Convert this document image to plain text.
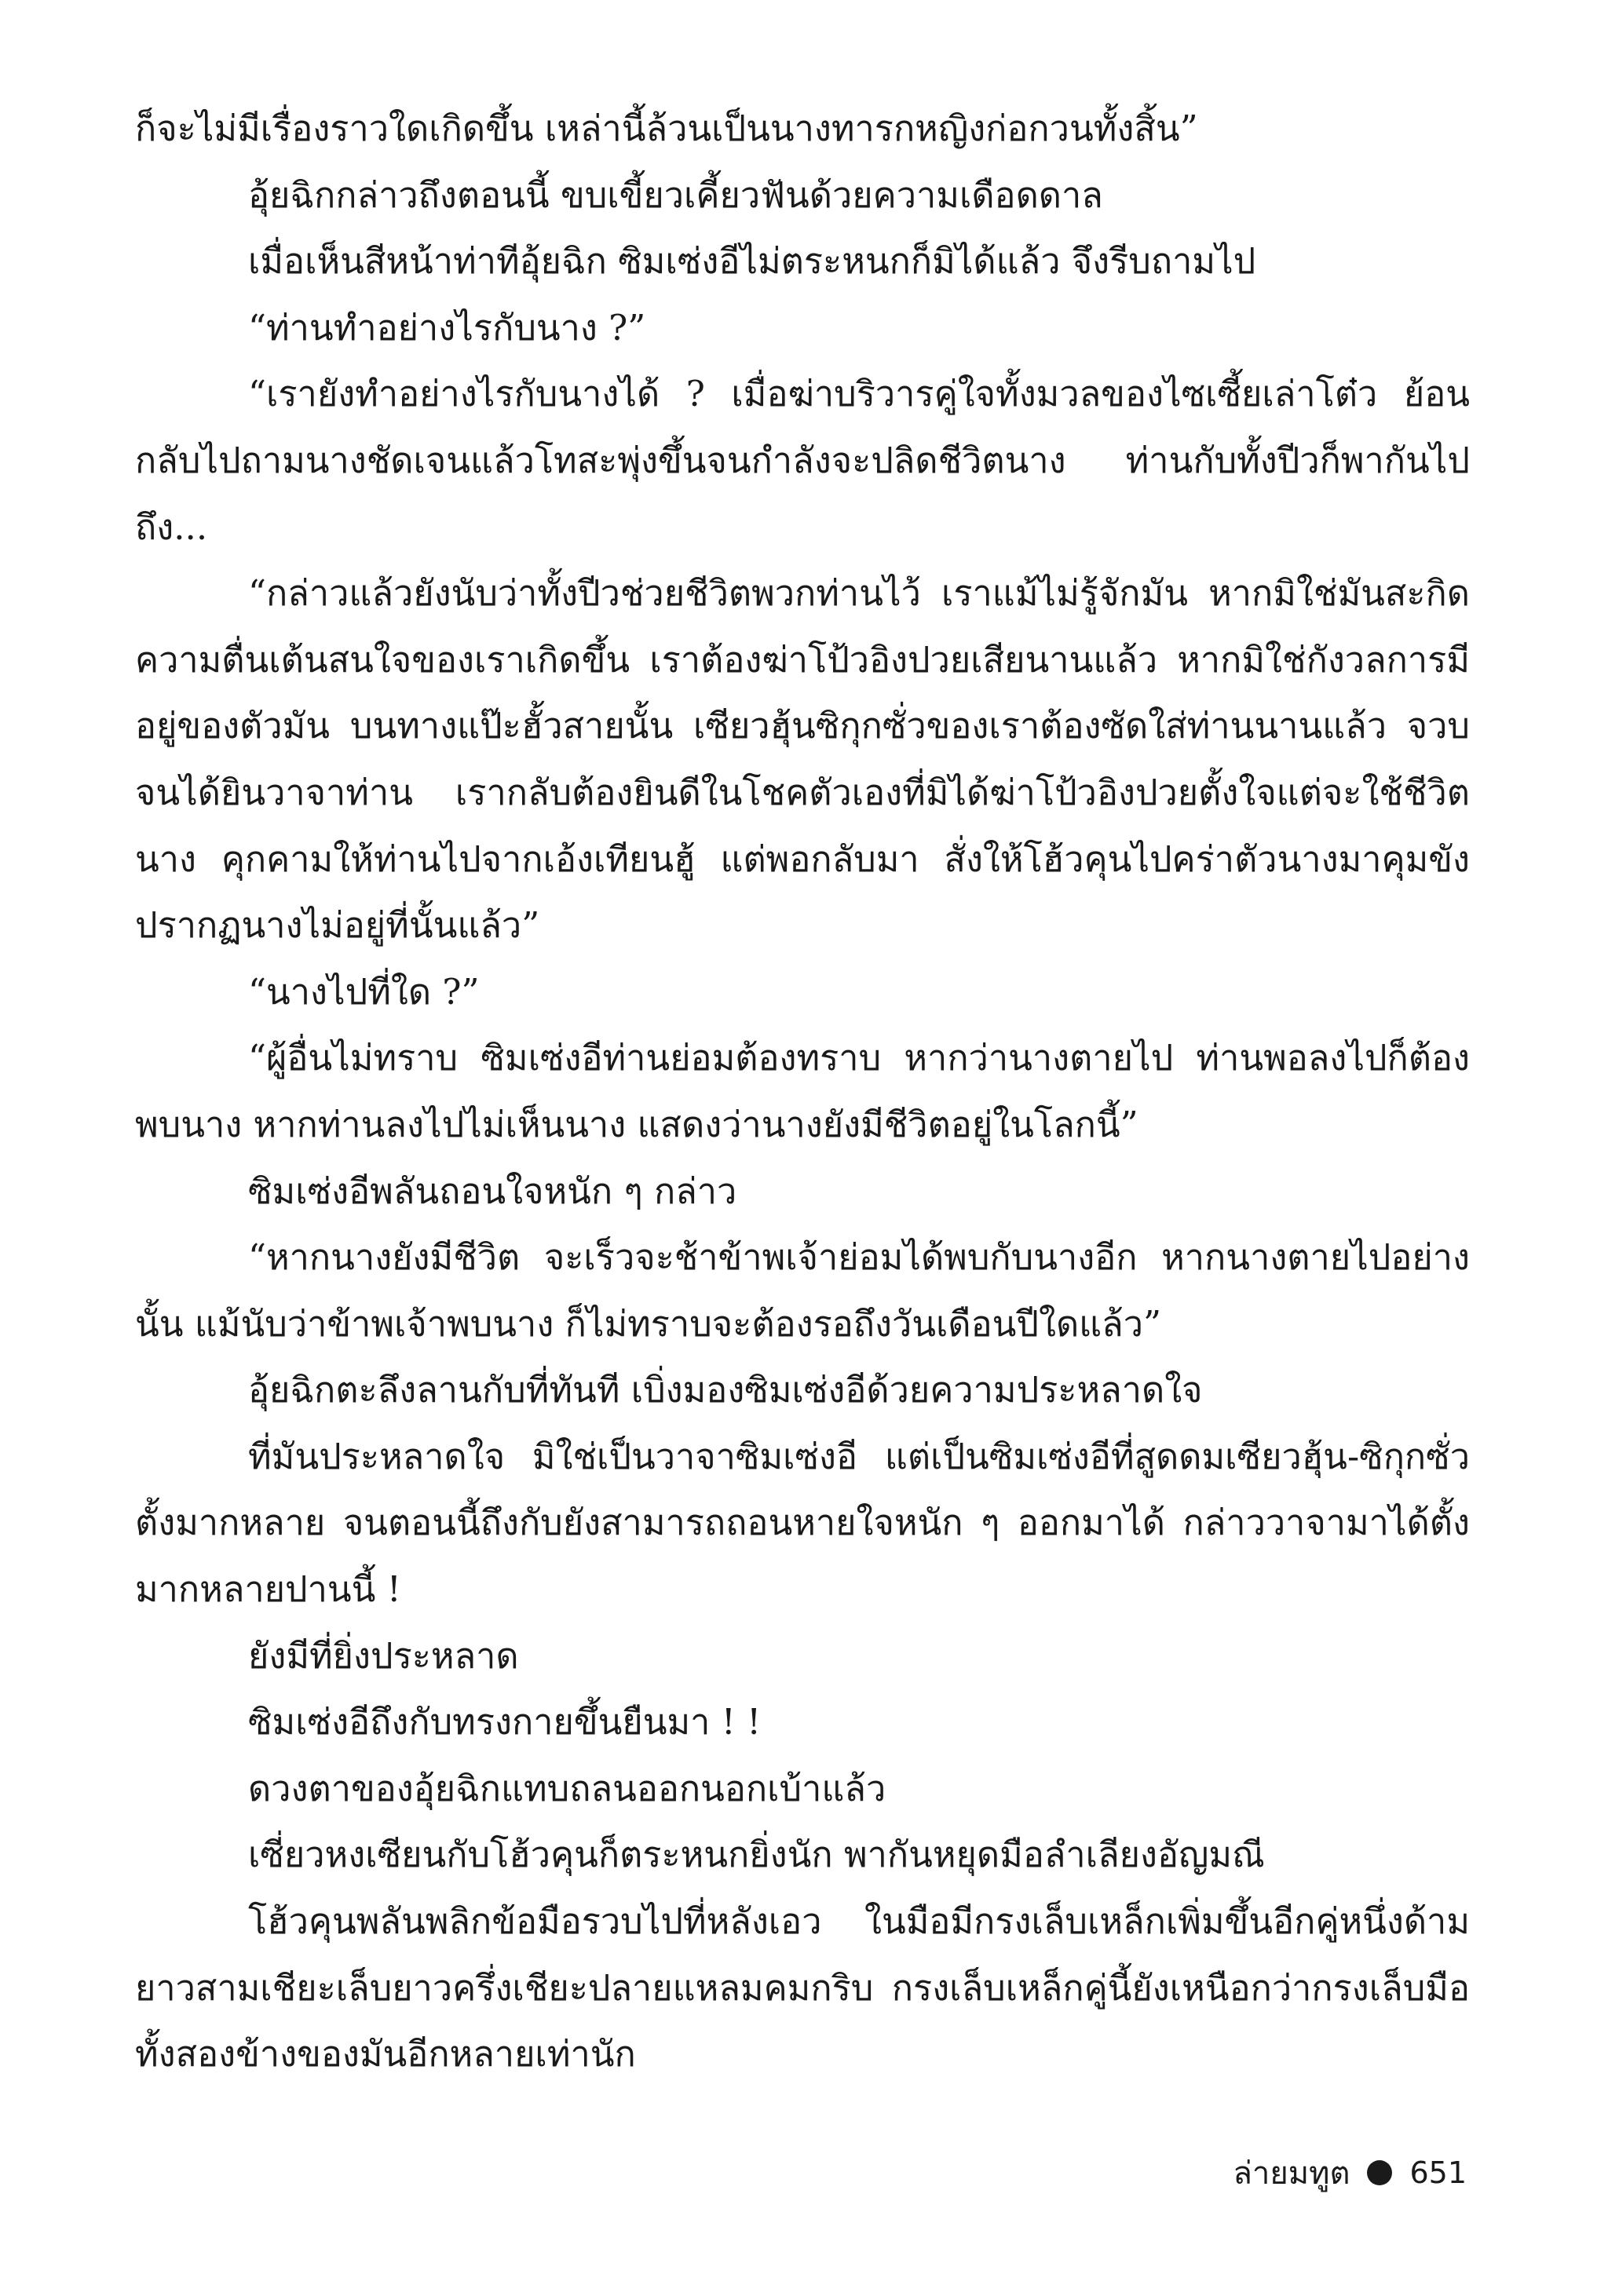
ก็จะไม่มีเรื่องราวใดเกิดขึ้น เหล่านี้ล้วนเป็นนางทารกหญิงก่อกวนทั้งสิ้น”

อุ้ยฉิกกล่าวถึงตอนนี้ ขบเขี้ยวเคี้ยวฟันด้วยความเดือดดาล

เมื่อเห็นสีหน้าท่าทีอุ้ยฉิก ซิมเซ่งอีไม่ตระหนกก็มิได้แล้ว จึงรีบถามไป

“ท่านทำอย่างไรกับนาง ?”

“เรายังทำอย่างไรกับนางได้ ? เมื่อฆ่าบริวารคู่ใจทั้งมวลของไซเซี้ยเล่าโต๋ว ย้อนกลับไปถามนางชัดเจนแล้วโทสะพุ่งขึ้นจนกำลังจะปลิดชีวิตนาง ท่านกับทั้งปีวก็พากันไปถึง...

“กล่าวแล้วยังนับว่าทั้งปีวช่วยชีวิตพวกท่านไว้ เราแม้ไม่รู้จักมัน หากมิใช่มันสะกิดความตื่นเต้นสนใจของเราเกิดขึ้น เราต้องฆ่าโป้วอิงปวยเสียนานแล้ว หากมิใช่กังวลการมีอยู่ของตัวมัน บนทางแป๊ะฮั้วสายนั้น เซียวฮุ้นซิกุกซั่วของเราต้องซัดใส่ท่านนานแล้ว จวบจนได้ยินวาจาท่าน เรากลับต้องยินดีในโชคตัวเองที่มิได้ฆ่าโป้วอิงปวยตั้งใจแต่จะใช้ชีวิตนาง คุกคามให้ท่านไปจากเอ้งเทียนฮู้ แต่พอกลับมา สั่งให้โฮ้วคุนไปคร่าตัวนางมาคุมขัง ปรากฏนางไม่อยู่ที่นั้นแล้ว”

“นางไปที่ใด ?”

“ผู้อื่นไม่ทราบ ซิมเซ่งอีท่านย่อมต้องทราบ หากว่านางตายไป ท่านพอลงไปก็ต้องพบนาง หากท่านลงไปไม่เห็นนาง แสดงว่านางยังมีชีวิตอยู่ในโลกนี้”

ซิมเซ่งอีพลันถอนใจหนัก ๆ กล่าว

“หากนางยังมีชีวิต จะเร็วจะช้าข้าพเจ้าย่อมได้พบกับนางอีก หากนางตายไปอย่างนั้น แม้นับว่าข้าพเจ้าพบนาง ก็ไม่ทราบจะต้องรอถึงวันเดือนปีใดแล้ว”

อุ้ยฉิกตะลึงลานกับที่ทันที เบิ่งมองซิมเซ่งอีด้วยความประหลาดใจ

ที่มันประหลาดใจ มิใช่เป็นวาจาซิมเซ่งอี แต่เป็นซิมเซ่งอีที่สูดดมเซียวฮุ้น-ซิกุกซั่วตั้งมากหลาย จนตอนนี้ถึงกับยังสามารถถอนหายใจหนัก ๆ ออกมาได้ กล่าววาจามาได้ตั้งมากหลายปานนี้ !

ยังมีที่ยิ่งประหลาด

ซิมเซ่งอีถึงกับทรงกายขึ้นยืนมา ! !

ดวงตาของอุ้ยฉิกแทบถลนออกนอกเบ้าแล้ว

เซี่ยวหงเซียนกับโฮ้วคุนก็ตระหนกยิ่งนัก พากันหยุดมือลำเลียงอัญมณี

โฮ้วคุนพลันพลิกข้อมือรวบไปที่หลังเอว ในมือมีกรงเล็บเหล็กเพิ่มขึ้นอีกคู่หนึ่งด้ามยาวสามเชียะเล็บยาวครึ่งเชียะปลายแหลมคมกริบ กรงเล็บเหล็กคู่นี้ยังเหนือกว่ากรงเล็บมือทั้งสองข้างของมันอีกหลายเท่านัก

ล่ายมทูต 651
